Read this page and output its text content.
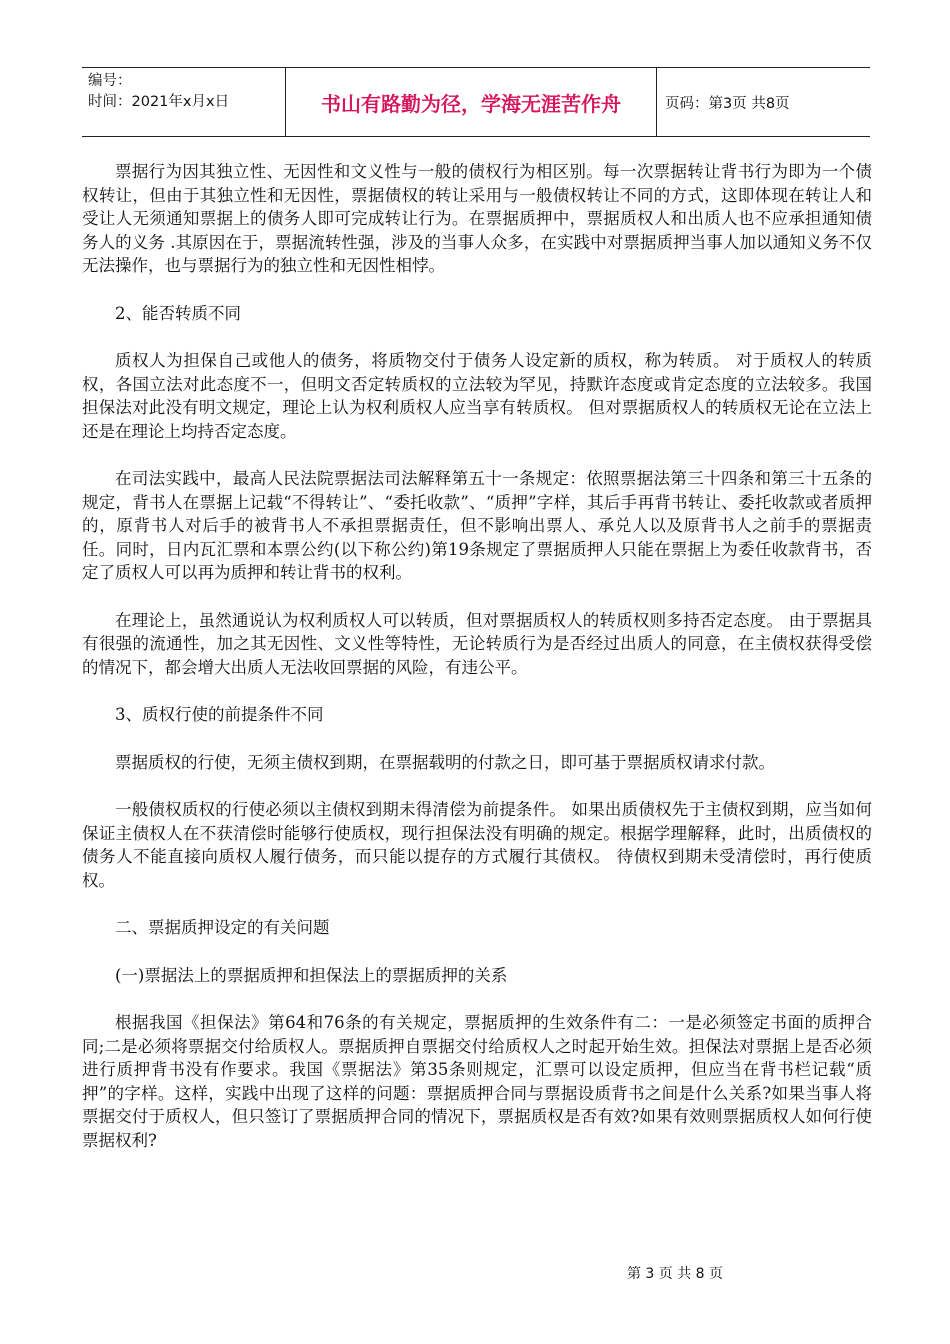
编号：
时间：2021年x月x日	书山有路勤为径，学海无涯苦作舟	页码：第3页 共8页

票据行为因其独立性、无因性和文义性与一般的债权行为相区别。每一次票据转让背书行为即为一个债权转让，但由于其独立性和无因性，票据债权的转让采用与一般债权转让不同的方式，这即体现在转让人和受让人无须通知票据上的债务人即可完成转让行为。在票据质押中，票据质权人和出质人也不应承担通知债务人的义务 .其原因在于，票据流转性强，涉及的当事人众多，在实践中对票据质押当事人加以通知义务不仅无法操作，也与票据行为的独立性和无因性相悖。

2、能否转质不同

质权人为担保自己或他人的债务，将质物交付于债务人设定新的质权，称为转质。 对于质权人的转质权，各国立法对此态度不一，但明文否定转质权的立法较为罕见，持默许态度或肯定态度的立法较多。我国担保法对此没有明文规定，理论上认为权利质权人应当享有转质权。 但对票据质权人的转质权无论在立法上还是在理论上均持否定态度。

在司法实践中，最高人民法院票据法司法解释第五十一条规定：依照票据法第三十四条和第三十五条的规定，背书人在票据上记载“不得转让”、“委托收款”、“质押”字样，其后手再背书转让、委托收款或者质押的，原背书人对后手的被背书人不承担票据责任，但不影响出票人、承兑人以及原背书人之前手的票据责任。同时，日内瓦汇票和本票公约(以下称公约)第19条规定了票据质押人只能在票据上为委任收款背书，否定了质权人可以再为质押和转让背书的权利。

在理论上，虽然通说认为权利质权人可以转质，但对票据质权人的转质权则多持否定态度。 由于票据具有很强的流通性，加之其无因性、文义性等特性，无论转质行为是否经过出质人的同意，在主债权获得受偿的情况下，都会增大出质人无法收回票据的风险，有违公平。

3、质权行使的前提条件不同

票据质权的行使，无须主债权到期，在票据载明的付款之日，即可基于票据质权请求付款。

一般债权质权的行使必须以主债权到期未得清偿为前提条件。 如果出质债权先于主债权到期，应当如何保证主债权人在不获清偿时能够行使质权，现行担保法没有明确的规定。根据学理解释，此时，出质债权的债务人不能直接向质权人履行债务，而只能以提存的方式履行其债权。 待债权到期未受清偿时，再行使质权。

二、票据质押设定的有关问题

(一)票据法上的票据质押和担保法上的票据质押的关系

根据我国《担保法》第64和76条的有关规定，票据质押的生效条件有二：一是必须签定书面的质押合同;二是必须将票据交付给质权人。票据质押自票据交付给质权人之时起开始生效。担保法对票据上是否必须进行质押背书没有作要求。我国《票据法》第35条则规定，汇票可以设定质押，但应当在背书栏记载“质押”的字样。这样，实践中出现了这样的问题：票据质押合同与票据设质背书之间是什么关系?如果当事人将票据交付于质权人，但只签订了票据质押合同的情况下，票据质权是否有效?如果有效则票据质权人如何行使票据权利?

第 3 页 共 8 页
